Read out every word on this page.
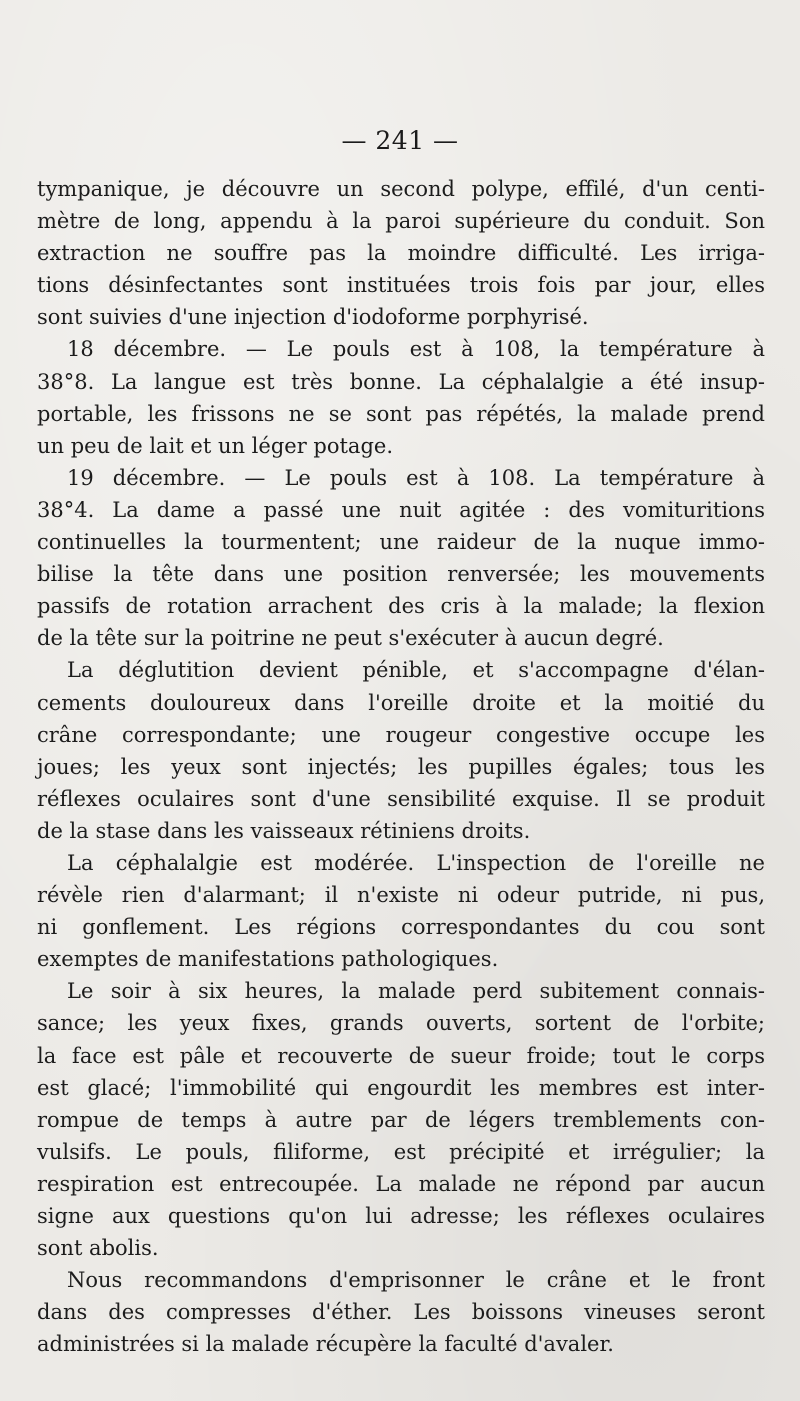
— 241 —

tympanique, je découvre un second polype, effilé, d'un centi-
mètre de long, appendu à la paroi supérieure du conduit. Son
extraction ne souffre pas la moindre difficulté. Les irriga-
tions désinfectantes sont instituées trois fois par jour, elles
sont suivies d'une injection d'iodoforme porphyrisé.

18 décembre. — Le pouls est à 108, la température à
38°8. La langue est très bonne. La céphalalgie a été insup-
portable, les frissons ne se sont pas répétés, la malade prend
un peu de lait et un léger potage.

19 décembre. — Le pouls est à 108. La température à
38°4. La dame a passé une nuit agitée : des vomituritions
continuelles la tourmentent; une raideur de la nuque immo-
bilise la tête dans une position renversée; les mouvements
passifs de rotation arrachent des cris à la malade; la flexion
de la tête sur la poitrine ne peut s'exécuter à aucun degré.

La déglutition devient pénible, et s'accompagne d'élan-
cements douloureux dans l'oreille droite et la moitié du
crâne correspondante; une rougeur congestive occupe les
joues; les yeux sont injectés; les pupilles égales; tous les
réflexes oculaires sont d'une sensibilité exquise. Il se produit
de la stase dans les vaisseaux rétiniens droits.

La céphalalgie est modérée. L'inspection de l'oreille ne
révèle rien d'alarmant; il n'existe ni odeur putride, ni pus,
ni gonflement. Les régions correspondantes du cou sont
exemptes de manifestations pathologiques.

Le soir à six heures, la malade perd subitement connais-
sance; les yeux fixes, grands ouverts, sortent de l'orbite;
la face est pâle et recouverte de sueur froide; tout le corps
est glacé; l'immobilité qui engourdit les membres est inter-
rompue de temps à autre par de légers tremblements con-
vulsifs. Le pouls, filiforme, est précipité et irrégulier; la
respiration est entrecoupée. La malade ne répond par aucun
signe aux questions qu'on lui adresse; les réflexes oculaires
sont abolis.

Nous recommandons d'emprisonner le crâne et le front
dans des compresses d'éther. Les boissons vineuses seront
administrées si la malade récupère la faculté d'avaler.
